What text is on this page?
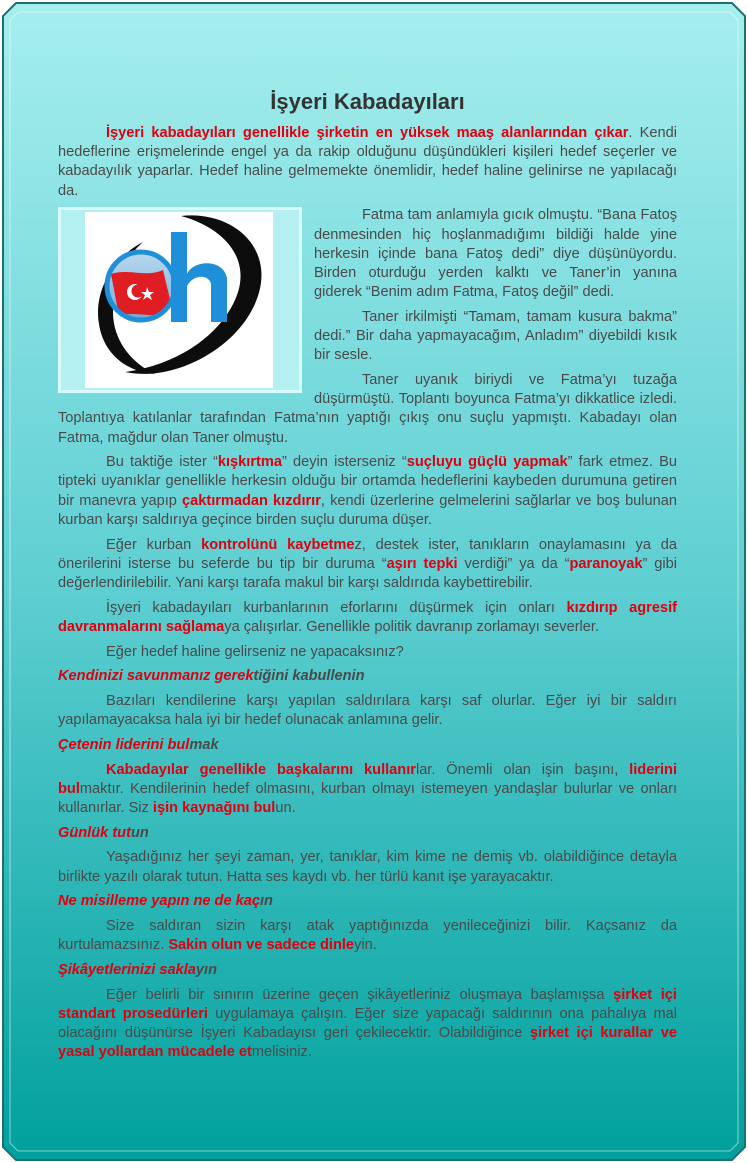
İşyeri Kabadayıları

İşyeri kabadayıları genellikle şirketin en yüksek maaş alanlarından çıkar. Kendi hedeflerine erişmelerinde engel ya da rakip olduğunu düşündükleri kişileri hedef seçerler ve kabadayılık yaparlar. Hedef haline gelmemekte önemlidir, hedef haline gelinirse ne yapılacağı da.

Fatma tam anlamıyla gıcık olmuştu. “Bana Fatoş denmesinden hiç hoşlanmadığımı bildiği halde yine herkesin içinde bana Fatoş dedi” diye düşünüyordu. Birden oturduğu yerden kalktı ve Taner’in yanına giderek “Benim adım Fatma, Fatoş değil” dedi.

Taner irkilmişti “Tamam, tamam kusura bakma” dedi.” Bir daha yapmayacağım, Anladım” diyebildi kısık bir sesle.

Taner uyanık biriydi ve Fatma’yı tuzağa düşürmüştü. Toplantı boyunca Fatma’yı dikkatlice izledi. Toplantıya katılanlar tarafından Fatma’nın yaptığı çıkış onu suçlu yapmıştı. Kabadayı olan Fatma, mağdur olan Taner olmuştu.

Bu taktiğe ister “kışkırtma” deyin isterseniz “suçluyu güçlü yapmak” fark etmez. Bu tipteki uyanıklar genellikle herkesin olduğu bir ortamda hedeflerini kaybeden durumuna getiren bir manevra yapıp çaktırmadan kızdırır, kendi üzerlerine gelmelerini sağlarlar ve boş bulunan kurban karşı saldırıya geçince birden suçlu duruma düşer.

Eğer kurban kontrolünü kaybetmez, destek ister, tanıkların onaylamasını ya da önerilerini isterse bu seferde bu tip bir duruma “aşırı tepki verdiği” ya da “paranoyak” gibi değerlendirilebilir. Yani karşı tarafa makul bir karşı saldırıda kaybettirebilir.

İşyeri kabadayıları kurbanlarının eforlarını düşürmek için onları kızdırıp agresif davranmalarını sağlamaya çalışırlar. Genellikle politik davranıp zorlamayı severler.

Eğer hedef haline gelirseniz ne yapacaksınız?

Kendinizi savunmanız gerektiğini kabullenin

Bazıları kendilerine karşı yapılan saldırılara karşı saf olurlar. Eğer iyi bir saldırı yapılamayacaksa hala iyi bir hedef olunacak anlamına gelir.

Çetenin liderini bulmak

Kabadayılar genellikle başkalarını kullanırlar. Önemli olan işin başını, liderini bulmaktır. Kendilerinin hedef olmasını, kurban olmayı istemeyen yandaşlar bulurlar ve onları kullanırlar. Siz işin kaynağını bulun.

Günlük tutun

Yaşadığınız her şeyi zaman, yer, tanıklar, kim kime ne demiş vb. olabildiğince detayla birlikte yazılı olarak tutun. Hatta ses kaydı vb. her türlü kanıt işe yarayacaktır.

Ne misilleme yapın ne de kaçın

Size saldıran sizin karşı atak yaptığınızda yenileceğinizi bilir. Kaçsanız da kurtulamazsınız. Sakin olun ve sadece dinleyin.

Şikâyetlerinizi saklayın

Eğer belirli bir sınırın üzerine geçen şikâyetleriniz oluşmaya başlamışsa şirket içi standart prosedürleri uygulamaya çalışın. Eğer size yapacağı saldırının ona pahalıya mal olacağını düşünürse İşyeri Kabadayısı geri çekilecektir. Olabildiğince şirket içi kurallar ve yasal yollardan mücadele etmelisiniz.
